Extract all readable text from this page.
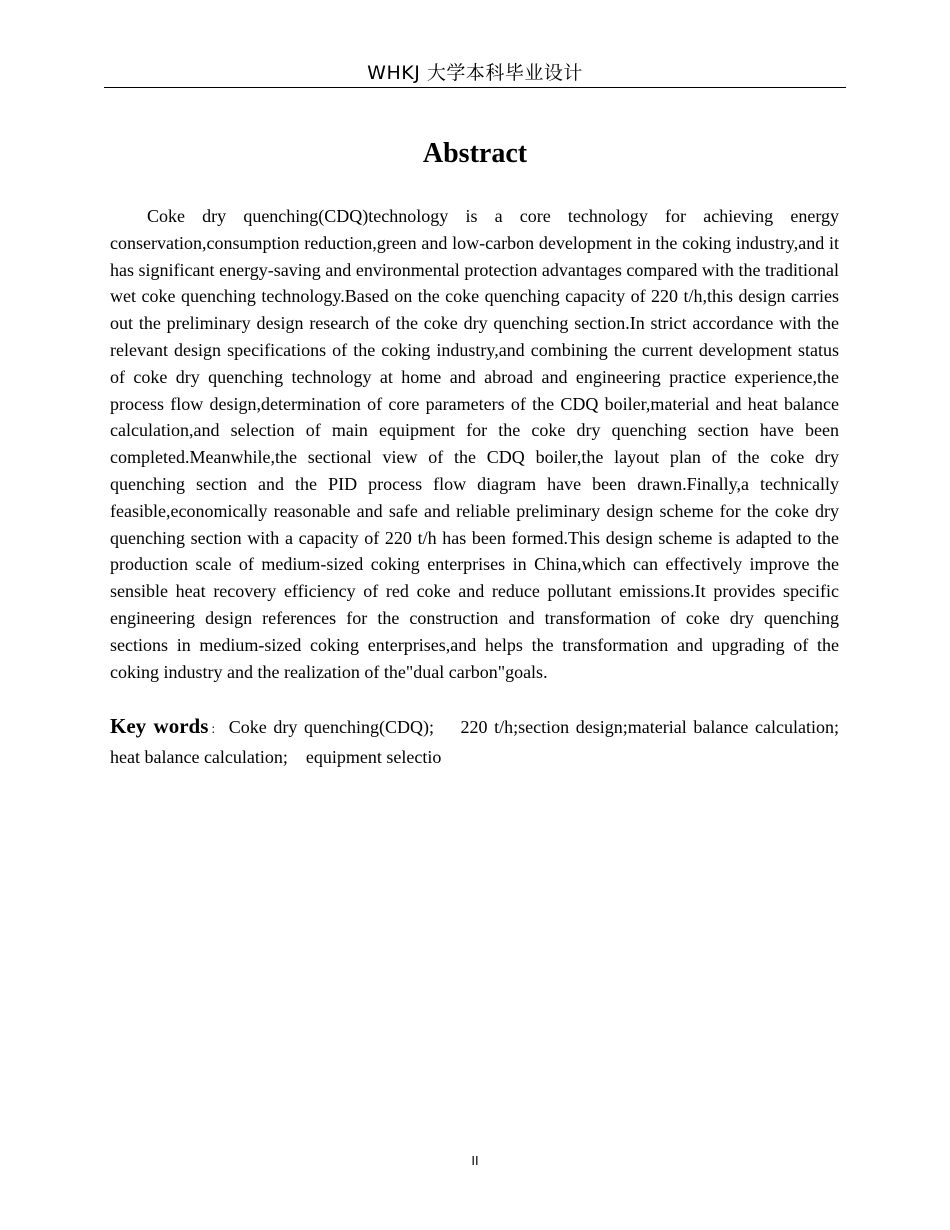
WHKJ 大学本科毕业设计
Abstract

Coke dry quenching(CDQ)technology is a core technology for achieving energy conservation,consumption reduction,green and low-carbon development in the coking industry,and it has significant energy-saving and environmental protection advantages compared with the traditional wet coke quenching technology.Based on the coke quenching capacity of 220 t/h,this design carries out the preliminary design research of the coke dry quenching section.In strict accordance with the relevant design specifications of the coking industry,and combining the current development status of coke dry quenching technology at home and abroad and engineering practice experience,the process flow design,determination of core parameters of the CDQ boiler,material and heat balance calculation,and selection of main equipment for the coke dry quenching section have been completed.Meanwhile,the sectional view of the CDQ boiler,the layout plan of the coke dry quenching section and the PID process flow diagram have been drawn.Finally,a technically feasible,economically reasonable and safe and reliable preliminary design scheme for the coke dry quenching section with a capacity of 220 t/h has been formed.This design scheme is adapted to the production scale of medium-sized coking enterprises in China,which can effectively improve the sensible heat recovery efficiency of red coke and reduce pollutant emissions.It provides specific engineering design references for the construction and transformation of coke dry quenching sections in medium-sized coking enterprises,and helps the transformation and upgrading of the coking industry and the realization of the"dual carbon"goals.

Key words： Coke dry quenching(CDQ);    220 t/h;section design;material balance calculation; heat balance calculation;    equipment selectio

II
